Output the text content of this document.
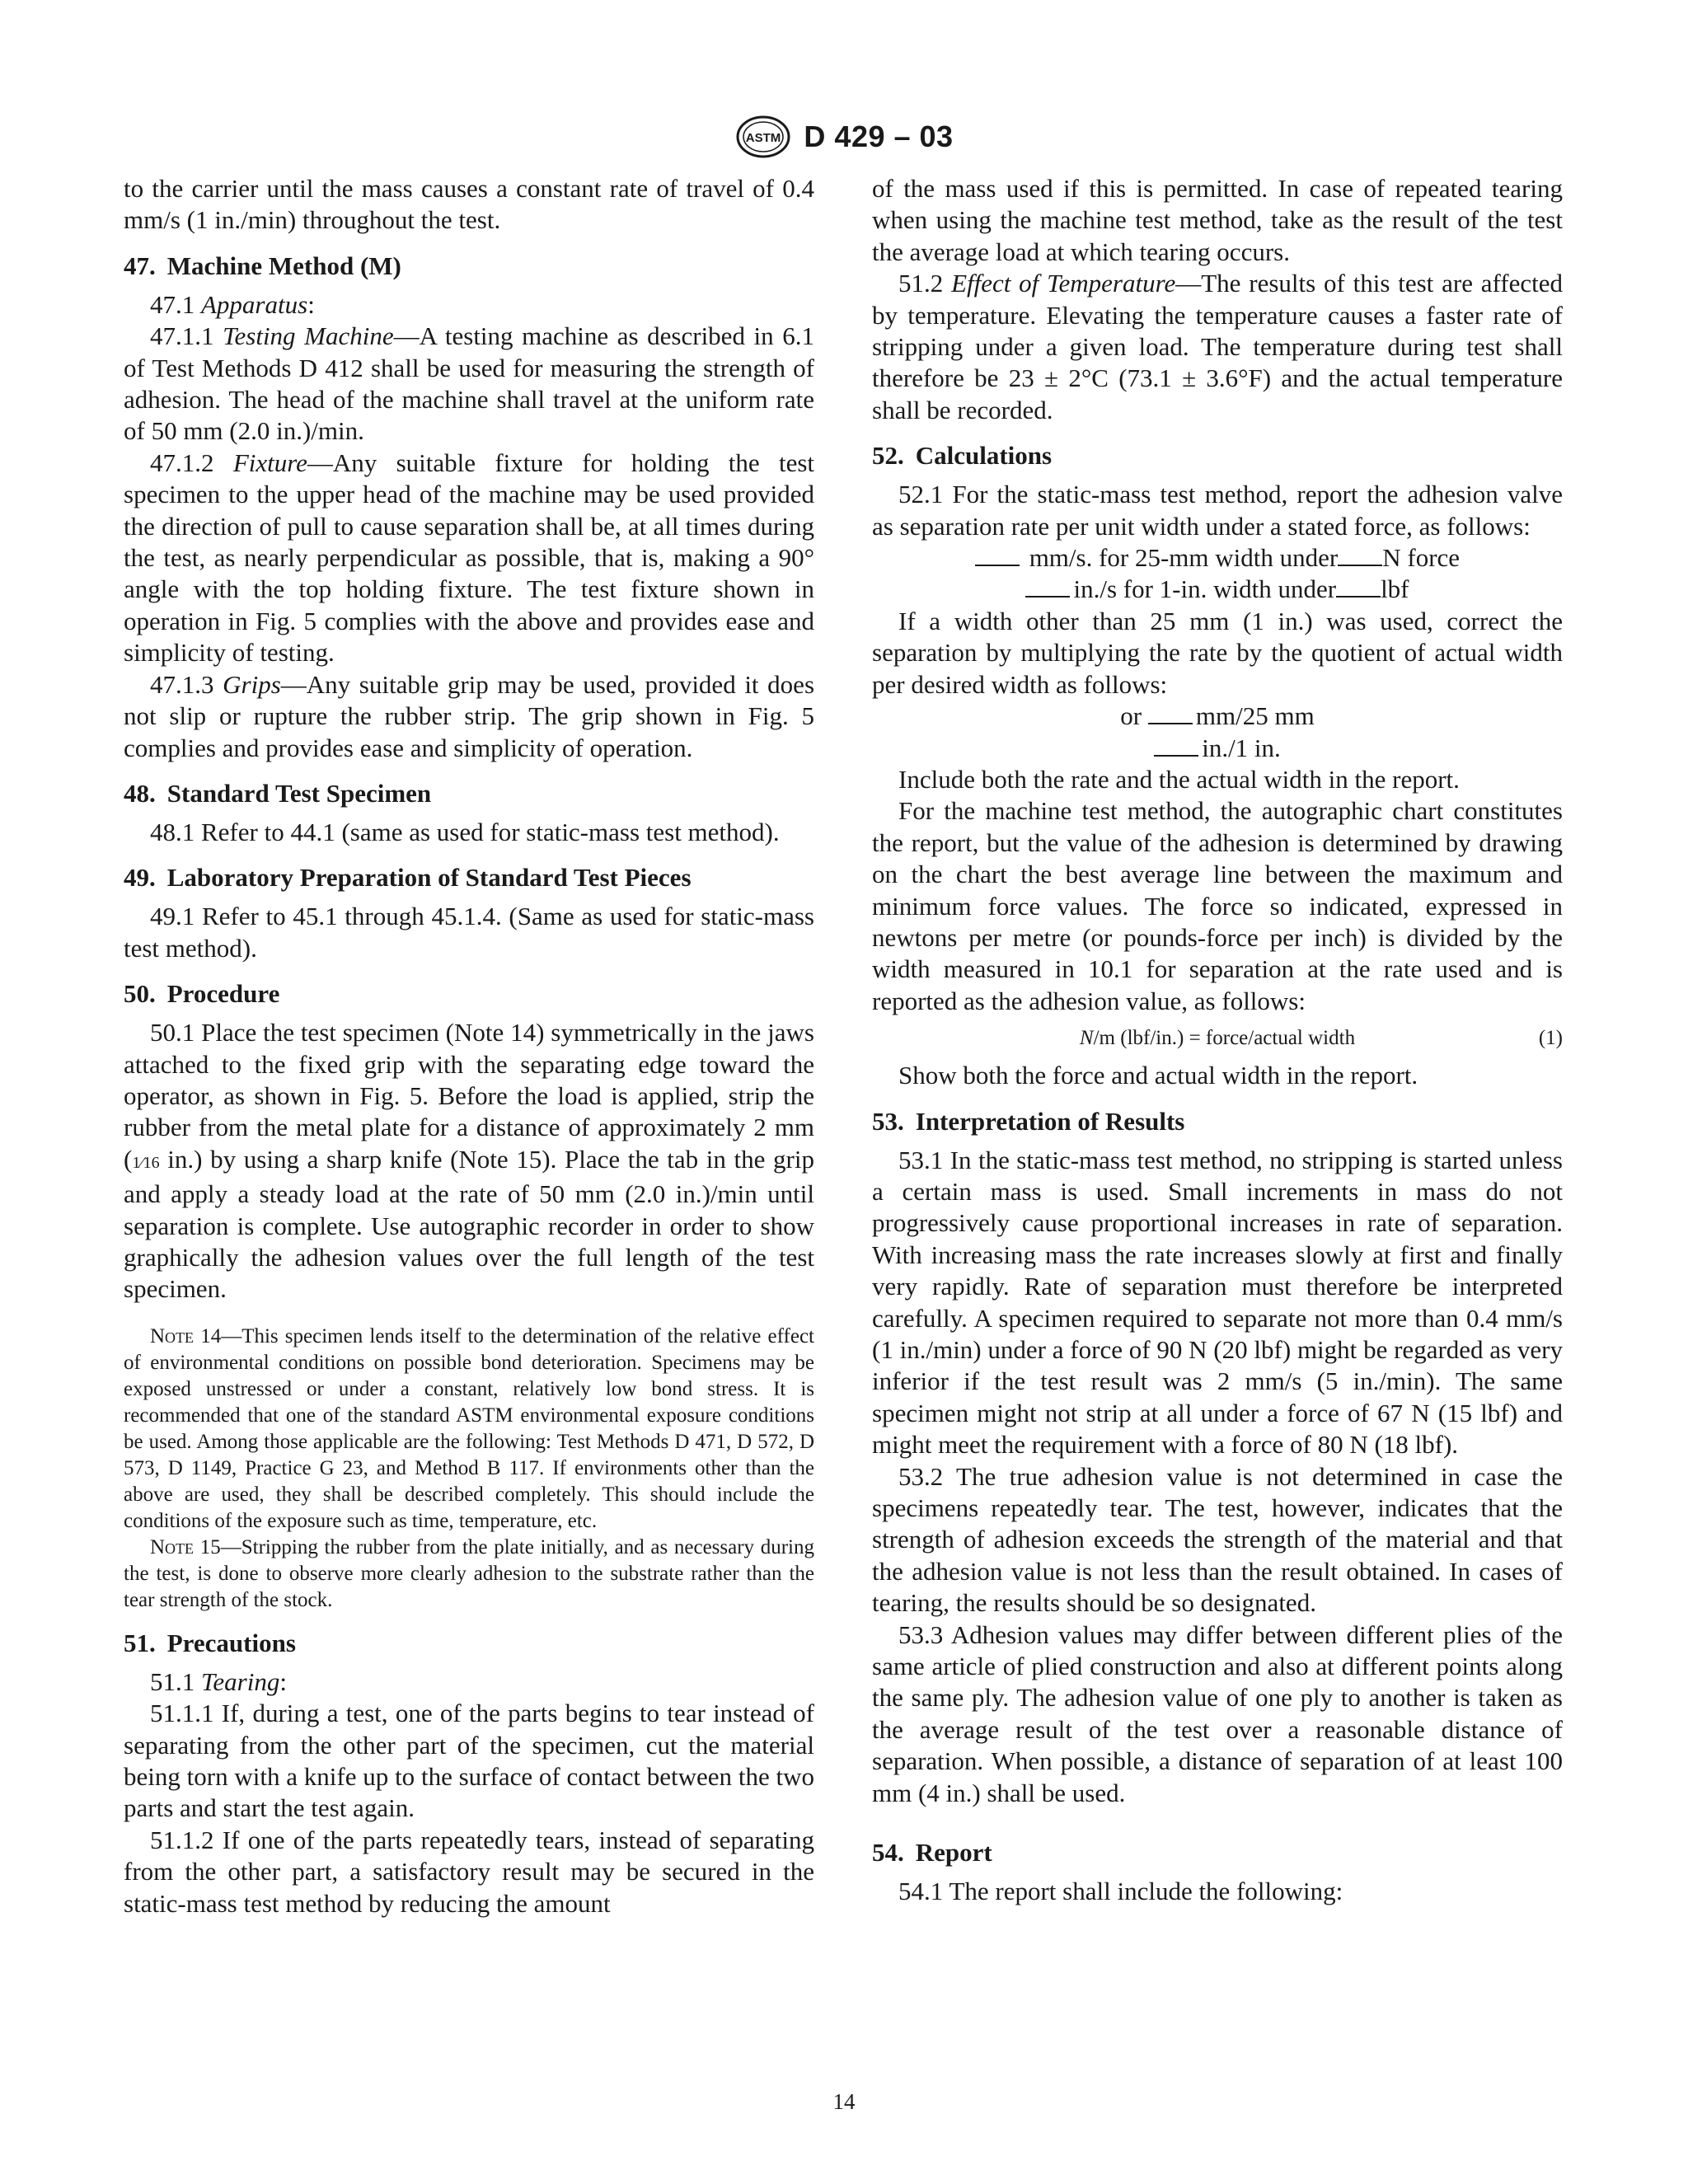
ASTM D 429 – 03

to the carrier until the mass causes a constant rate of travel of 0.4 mm/s (1 in./min) throughout the test.

47. Machine Method (M)

47.1 Apparatus:

47.1.1 Testing Machine—A testing machine as described in 6.1 of Test Methods D 412 shall be used for measuring the strength of adhesion. The head of the machine shall travel at the uniform rate of 50 mm (2.0 in.)/min.

47.1.2 Fixture—Any suitable fixture for holding the test specimen to the upper head of the machine may be used provided the direction of pull to cause separation shall be, at all times during the test, as nearly perpendicular as possible, that is, making a 90° angle with the top holding fixture. The test fixture shown in operation in Fig. 5 complies with the above and provides ease and simplicity of testing.

47.1.3 Grips—Any suitable grip may be used, provided it does not slip or rupture the rubber strip. The grip shown in Fig. 5 complies and provides ease and simplicity of operation.

48. Standard Test Specimen

48.1 Refer to 44.1 (same as used for static-mass test method).

49. Laboratory Preparation of Standard Test Pieces

49.1 Refer to 45.1 through 45.1.4. (Same as used for static-mass test method).

50. Procedure

50.1 Place the test specimen (Note 14) symmetrically in the jaws attached to the fixed grip with the separating edge toward the operator, as shown in Fig. 5. Before the load is applied, strip the rubber from the metal plate for a distance of approximately 2 mm (1⁄16 in.) by using a sharp knife (Note 15). Place the tab in the grip and apply a steady load at the rate of 50 mm (2.0 in.)/min until separation is complete. Use autographic recorder in order to show graphically the adhesion values over the full length of the test specimen.

Note 14—This specimen lends itself to the determination of the relative effect of environmental conditions on possible bond deterioration. Specimens may be exposed unstressed or under a constant, relatively low bond stress. It is recommended that one of the standard ASTM environmental exposure conditions be used. Among those applicable are the following: Test Methods D 471, D 572, D 573, D 1149, Practice G 23, and Method B 117. If environments other than the above are used, they shall be described completely. This should include the conditions of the exposure such as time, temperature, etc.

Note 15—Stripping the rubber from the plate initially, and as necessary during the test, is done to observe more clearly adhesion to the substrate rather than the tear strength of the stock.

51. Precautions

51.1 Tearing:

51.1.1 If, during a test, one of the parts begins to tear instead of separating from the other part of the specimen, cut the material being torn with a knife up to the surface of contact between the two parts and start the test again.

51.1.2 If one of the parts repeatedly tears, instead of separating from the other part, a satisfactory result may be secured in the static-mass test method by reducing the amount

of the mass used if this is permitted. In case of repeated tearing when using the machine test method, take as the result of the test the average load at which tearing occurs.

51.2 Effect of Temperature—The results of this test are affected by temperature. Elevating the temperature causes a faster rate of stripping under a given load. The temperature during test shall therefore be 23 ± 2°C (73.1 ± 3.6°F) and the actual temperature shall be recorded.

52. Calculations

52.1 For the static-mass test method, report the adhesion valve as separation rate per unit width under a stated force, as follows:

mm/s. for 25-mm width under N force

in./s for 1-in. width under lbf

If a width other than 25 mm (1 in.) was used, correct the separation by multiplying the rate by the quotient of actual width per desired width as follows:

or mm/25 mm

in./1 in.

Include both the rate and the actual width in the report.

For the machine test method, the autographic chart constitutes the report, but the value of the adhesion is determined by drawing on the chart the best average line between the maximum and minimum force values. The force so indicated, expressed in newtons per metre (or pounds-force per inch) is divided by the width measured in 10.1 for separation at the rate used and is reported as the adhesion value, as follows:

N/m (lbf/in.) = force/actual width	(1)

Show both the force and actual width in the report.

53. Interpretation of Results

53.1 In the static-mass test method, no stripping is started unless a certain mass is used. Small increments in mass do not progressively cause proportional increases in rate of separation. With increasing mass the rate increases slowly at first and finally very rapidly. Rate of separation must therefore be interpreted carefully. A specimen required to separate not more than 0.4 mm/s (1 in./min) under a force of 90 N (20 lbf) might be regarded as very inferior if the test result was 2 mm/s (5 in./min). The same specimen might not strip at all under a force of 67 N (15 lbf) and might meet the requirement with a force of 80 N (18 lbf).

53.2 The true adhesion value is not determined in case the specimens repeatedly tear. The test, however, indicates that the strength of adhesion exceeds the strength of the material and that the adhesion value is not less than the result obtained. In cases of tearing, the results should be so designated.

53.3 Adhesion values may differ between different plies of the same article of plied construction and also at different points along the same ply. The adhesion value of one ply to another is taken as the average result of the test over a reasonable distance of separation. When possible, a distance of separation of at least 100 mm (4 in.) shall be used.

54. Report

54.1 The report shall include the following:

14
